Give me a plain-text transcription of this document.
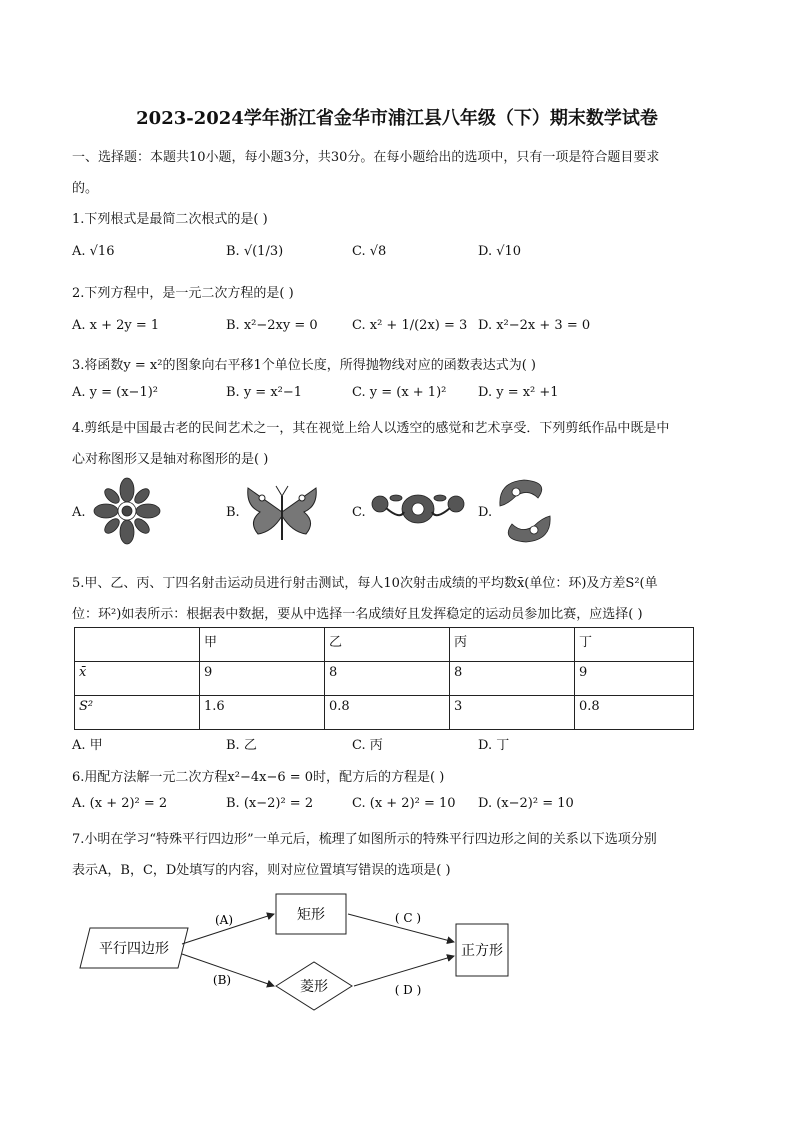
2023-2024学年浙江省金华市浦江县八年级（下）期末数学试卷
一、选择题：本题共10小题，每小题3分，共30分。在每小题给出的选项中，只有一项是符合题目要求
的。
1.下列根式是最简二次根式的是( )
A. √16	B. √(1/3)	C. √8	D. √10
2.下列方程中，是一元二次方程的是( )
A. x + 2y = 1	B. x²−2xy = 0	C. x² + 1/(2x) = 3 D. x²−2x + 3 = 0
3.将函数y = x²的图象向右平移1个单位长度，所得抛物线对应的函数表达式为( )
A. y = (x−1)²	B. y = x²−1	C. y = (x + 1)² D. y = x² +1
4.剪纸是中国最古老的民间艺术之一，其在视觉上给人以透空的感觉和艺术享受．下列剪纸作品中既是中
心对称图形又是轴对称图形的是( )
A.	B.	C.	D.
5.甲、乙、丙、丁四名射击运动员进行射击测试，每人10次射击成绩的平均数x̄(单位：环)及方差S²(单
位：环²)如表所示：根据表中数据，要从中选择一名成绩好且发挥稳定的运动员参加比赛，应选择( )
	甲	乙	丙	丁
x̄	9	8	8	9
S²	1.6	0.8	3	0.8
A. 甲	B. 乙	C. 丙	D. 丁
6.用配方法解一元二次方程x²−4x−6 = 0时，配方后的方程是( )
A. (x + 2)² = 2	B. (x−2)² = 2	C. (x + 2)² = 10 D. (x−2)² = 10
7.小明在学习“特殊平行四边形”一单元后，梳理了如图所示的特殊平行四边形之间的关系以下选项分别
表示A，B，C，D处填写的内容，则对应位置填写错误的选项是( )
平行四边形
矩形
菱形
正方形
(A)
(B)
( C )
( D )
